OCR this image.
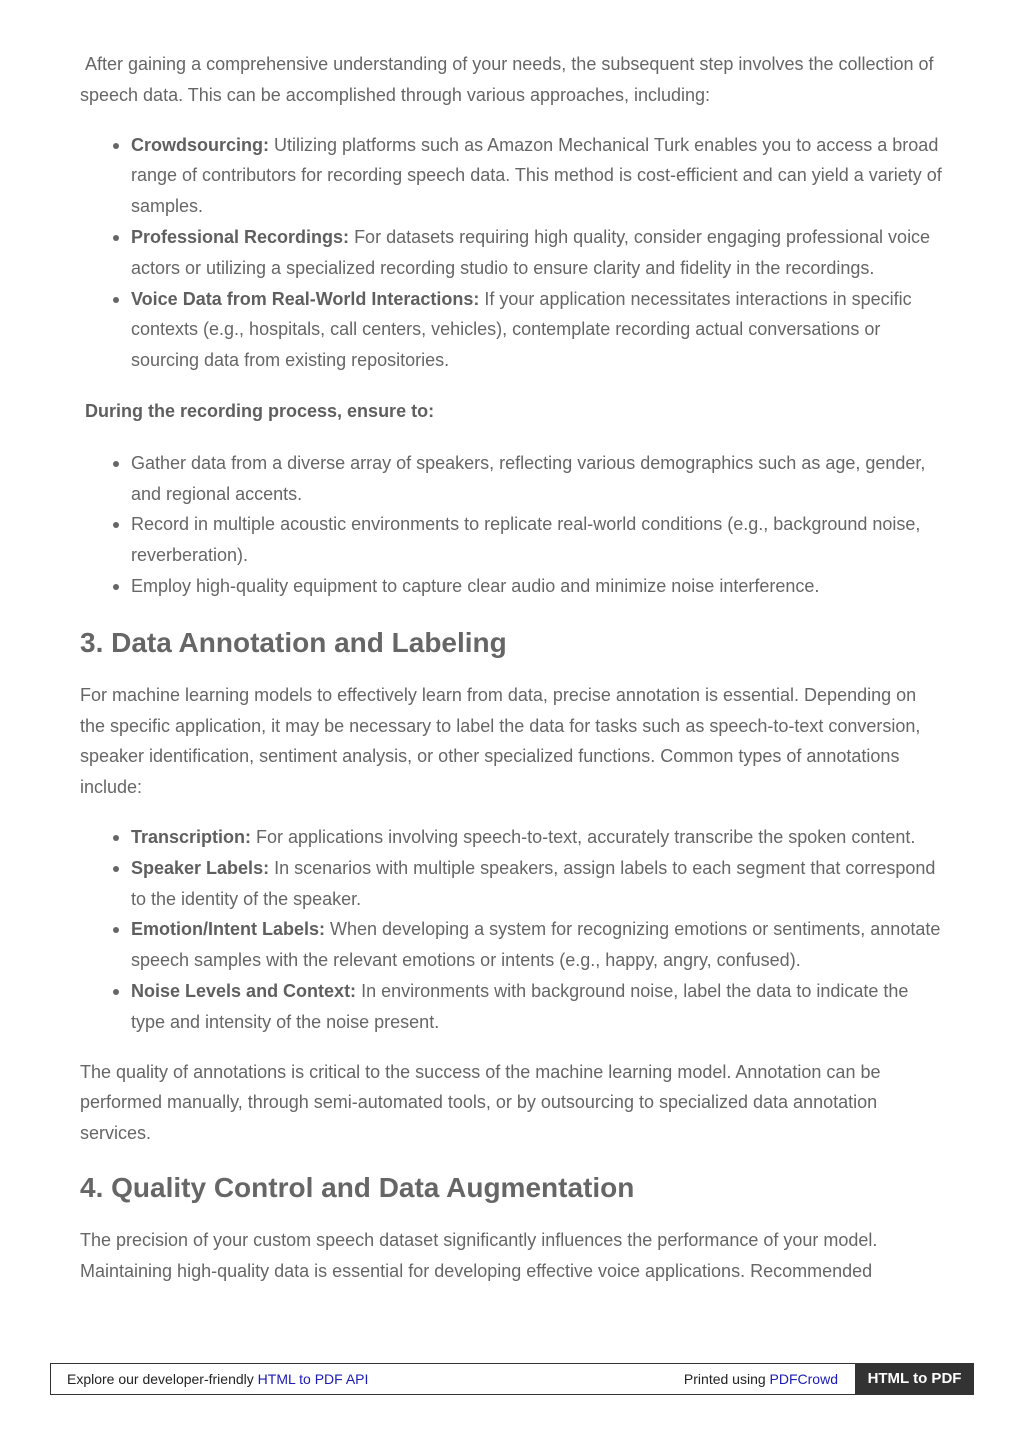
After gaining a comprehensive understanding of your needs, the subsequent step involves the collection of speech data. This can be accomplished through various approaches, including:

Crowdsourcing: Utilizing platforms such as Amazon Mechanical Turk enables you to access a broad range of contributors for recording speech data. This method is cost-efficient and can yield a variety of samples.
Professional Recordings: For datasets requiring high quality, consider engaging professional voice actors or utilizing a specialized recording studio to ensure clarity and fidelity in the recordings.
Voice Data from Real-World Interactions: If your application necessitates interactions in specific contexts (e.g., hospitals, call centers, vehicles), contemplate recording actual conversations or sourcing data from existing repositories.

During the recording process, ensure to:

Gather data from a diverse array of speakers, reflecting various demographics such as age, gender, and regional accents.
Record in multiple acoustic environments to replicate real-world conditions (e.g., background noise, reverberation).
Employ high-quality equipment to capture clear audio and minimize noise interference.
3. Data Annotation and Labeling

For machine learning models to effectively learn from data, precise annotation is essential. Depending on the specific application, it may be necessary to label the data for tasks such as speech-to-text conversion, speaker identification, sentiment analysis, or other specialized functions. Common types of annotations include:

Transcription: For applications involving speech-to-text, accurately transcribe the spoken content.
Speaker Labels: In scenarios with multiple speakers, assign labels to each segment that correspond to the identity of the speaker.
Emotion/Intent Labels: When developing a system for recognizing emotions or sentiments, annotate speech samples with the relevant emotions or intents (e.g., happy, angry, confused).
Noise Levels and Context: In environments with background noise, label the data to indicate the type and intensity of the noise present.

The quality of annotations is critical to the success of the machine learning model. Annotation can be performed manually, through semi-automated tools, or by outsourcing to specialized data annotation services.

4. Quality Control and Data Augmentation

The precision of your custom speech dataset significantly influences the performance of your model. Maintaining high-quality data is essential for developing effective voice applications. Recommended

Explore our developer-friendly HTML to PDF API	Printed using PDFCrowd	HTML to PDF
